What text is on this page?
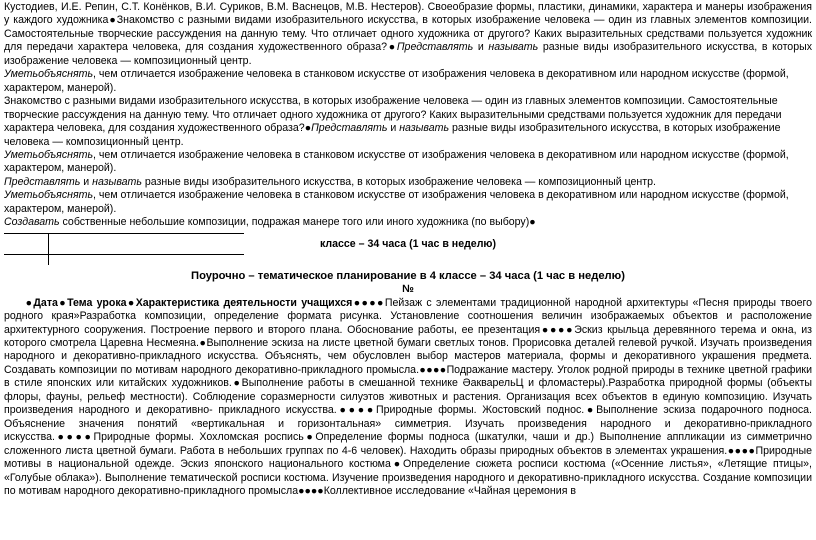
Кустодиев, И.Е. Репин, С.Т. Конёнков, В.И. Суриков, В.М. Васнецов, М.В. Нестеров). Своеобразие формы, пластики, динамики, характера и манеры изображения у каждого художника●Знакомство с разными видами изобразительного искусства, в которых изображение человека — один из главных элементов композиции. Самостоятельные творческие рассуждения на данную тему. Что отличает одного художника от другого? Каких выразительных средствами пользуется художник для передачи характера человека, для создания художественного образа?●Представлять и называть разные виды изобразительного искусства, в которых изображение человека — композиционный центр.

Уметьобъяснять, чем отличается изображение человека в станковом искусстве от изображения человека в декоративном или народном искусстве (формой, характером, манерой).

Знакомство с разными видами изобразительного искусства, в которых изображение человека — один из главных элементов композиции. Самостоятельные творческие рассуждения на данную тему. Что отличает одного художника от другого? Каких выразительными средствами пользуется художник для передачи характера человека, для создания художественного образа?●Представлять и называть разные виды изобразительного искусства, в которых изображение человека — композиционный центр.

Уметьобъяснять, чем отличается изображение человека в станковом искусстве от изображения человека в декоративном или народном искусстве (формой, характером, манерой).

Представлять и называть разные виды изобразительного искусства, в которых изображение человека — композиционный центр.

Уметьобъяснять, чем отличается изображение человека в станковом искусстве от изображения человека в декоративном или народном искусстве (формой, характером, манерой).

Создавать собственные небольшие композиции, подражая манере того или иного художника (по выбору)●

классе – 34 часа (1 час в неделю)

Поурочно – тематическое планирование в 4 классе – 34 часа (1 час в неделю)

№

●Дата●Тема урока●Характеристика деятельности учащихся●●●●Пейзаж с элементами традиционной народной архитектуры «Песня природы твоего родного края»Разработка композиции, определение формата рисунка. Установление соотношения величин изображаемых объектов и расположение архитектурного сооружения. Построение первого и второго плана. Обоснование работы, ее презентация●●●●Эскиз крыльца деревянного терема и окна, из которого смотрела Царевна Несмеяна.●Выполнение эскиза на листе цветной бумаги светлых тонов. Прорисовка деталей гелевой ручкой. Изучать произведения народного и декоративно-прикладного искусства. Объяснять, чем обусловлен выбор мастеров материала, формы и декоративного украшения предмета. Создавать композиции по мотивам народного декоративно-прикладного промысла.●●●●Подражание мастеру. Уголок родной природы в технике цветной графики в стиле японских или китайских художников.●Выполнение работы в смешанной технике ӘакварельЦ и фломастеры).Разработка природной формы (объекты флоры, фауны, рельеф местности). Соблюдение соразмерности силуэтов животных и растения. Организация всех объектов в единую композицию. Изучать произведения народного и декоративно- прикладного искусства.●●●●Природные формы. Жостовский поднос.●Выполнение эскиза подарочного подноса. Объяснение значения понятий «вертикальная и горизонтальная» симметрия. Изучать произведения народного и декоративно-прикладного искусства.●●●●Природные формы. Хохломская роспись●Определение формы подноса (шкатулки, чаши и др.) Выполнение аппликации из симметрично сложенного листа цветной бумаги. Работа в небольших группах по 4-6 человек). Находить образы природных объектов в элементах украшения.●●●●Природные мотивы в национальной одежде. Эскиз японского национального костюма●Определение сюжета росписи костюма («Осенние листья», «Летящие птицы», «Голубые облака»). Выполнение тематической росписи костюма. Изучение произведения народного и декоративно-прикладного искусства. Создание композиции по мотивам народного декоративно-прикладного промысла●●●●Коллективное исследование «Чайная церемония в
